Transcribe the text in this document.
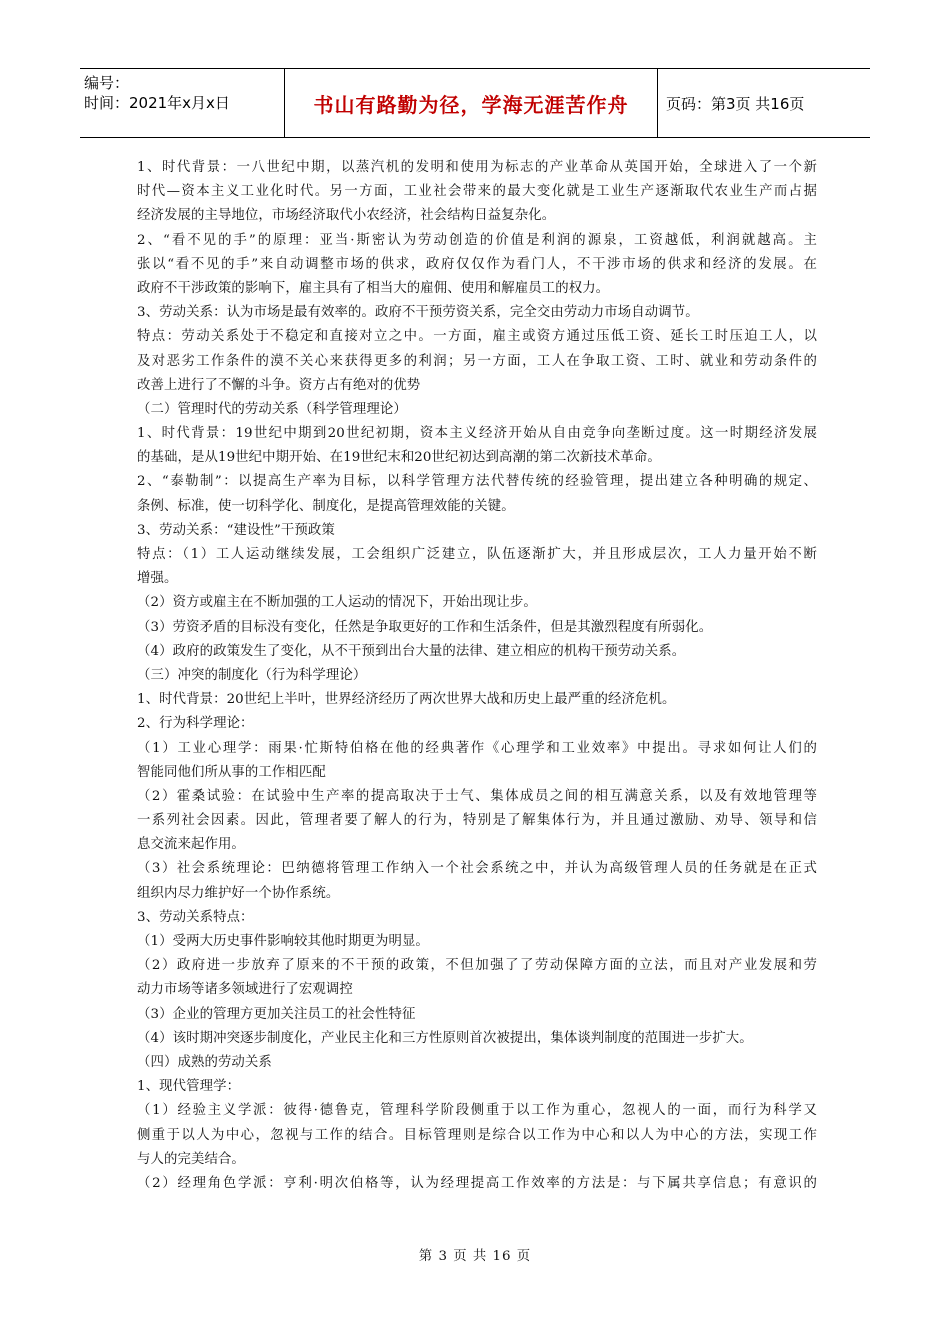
编号：
时间：2021年x月x日	书山有路勤为径，学海无涯苦作舟	页码：第3页 共16页
1、时代背景：一八世纪中期，以蒸汽机的发明和使用为标志的产业革命从英国开始，全球进入了一个新
时代—资本主义工业化时代。另一方面，工业社会带来的最大变化就是工业生产逐渐取代农业生产而占据
经济发展的主导地位，市场经济取代小农经济，社会结构日益复杂化。
2、“看不见的手”的原理：亚当·斯密认为劳动创造的价值是利润的源泉，工资越低，利润就越高。主
张以“看不见的手”来自动调整市场的供求，政府仅仅作为看门人，不干涉市场的供求和经济的发展。在
政府不干涉政策的影响下，雇主具有了相当大的雇佣、使用和解雇员工的权力。
3、劳动关系：认为市场是最有效率的。政府不干预劳资关系，完全交由劳动力市场自动调节。
特点：劳动关系处于不稳定和直接对立之中。一方面，雇主或资方通过压低工资、延长工时压迫工人，以
及对恶劣工作条件的漠不关心来获得更多的利润；另一方面，工人在争取工资、工时、就业和劳动条件的
改善上进行了不懈的斗争。资方占有绝对的优势
（二）管理时代的劳动关系（科学管理理论）
1、时代背景：19世纪中期到20世纪初期，资本主义经济开始从自由竞争向垄断过度。这一时期经济发展
的基础，是从19世纪中期开始、在19世纪末和20世纪初达到高潮的第二次新技术革命。
2、“泰勒制”：以提高生产率为目标，以科学管理方法代替传统的经验管理，提出建立各种明确的规定、
条例、标准，使一切科学化、制度化，是提高管理效能的关键。
3、劳动关系：“建设性”干预政策
特点：（1）工人运动继续发展，工会组织广泛建立，队伍逐渐扩大，并且形成层次，工人力量开始不断
增强。
（2）资方或雇主在不断加强的工人运动的情况下，开始出现让步。
（3）劳资矛盾的目标没有变化，任然是争取更好的工作和生活条件，但是其激烈程度有所弱化。
（4）政府的政策发生了变化，从不干预到出台大量的法律、建立相应的机构干预劳动关系。
（三）冲突的制度化（行为科学理论）
1、时代背景：20世纪上半叶，世界经济经历了两次世界大战和历史上最严重的经济危机。
2、行为科学理论：
（1）工业心理学：雨果·忙斯特伯格在他的经典著作《心理学和工业效率》中提出。寻求如何让人们的
智能同他们所从事的工作相匹配
（2）霍桑试验：在试验中生产率的提高取决于士气、集体成员之间的相互满意关系，以及有效地管理等
一系列社会因素。因此，管理者要了解人的行为，特别是了解集体行为，并且通过激励、劝导、领导和信
息交流来起作用。
（3）社会系统理论：巴纳德将管理工作纳入一个社会系统之中，并认为高级管理人员的任务就是在正式
组织内尽力维护好一个协作系统。
3、劳动关系特点：
（1）受两大历史事件影响较其他时期更为明显。
（2）政府进一步放弃了原来的不干预的政策，不但加强了了劳动保障方面的立法，而且对产业发展和劳
动力市场等诸多领域进行了宏观调控
（3）企业的管理方更加关注员工的社会性特征
（4）该时期冲突逐步制度化，产业民主化和三方性原则首次被提出，集体谈判制度的范围进一步扩大。
（四）成熟的劳动关系
1、现代管理学：
（1）经验主义学派：彼得·德鲁克，管理科学阶段侧重于以工作为重心，忽视人的一面，而行为科学又
侧重于以人为中心，忽视与工作的结合。目标管理则是综合以工作为中心和以人为中心的方法，实现工作
与人的完美结合。
（2）经理角色学派：亨利·明次伯格等，认为经理提高工作效率的方法是：与下属共享信息；有意识的
第 3 页 共 16 页
